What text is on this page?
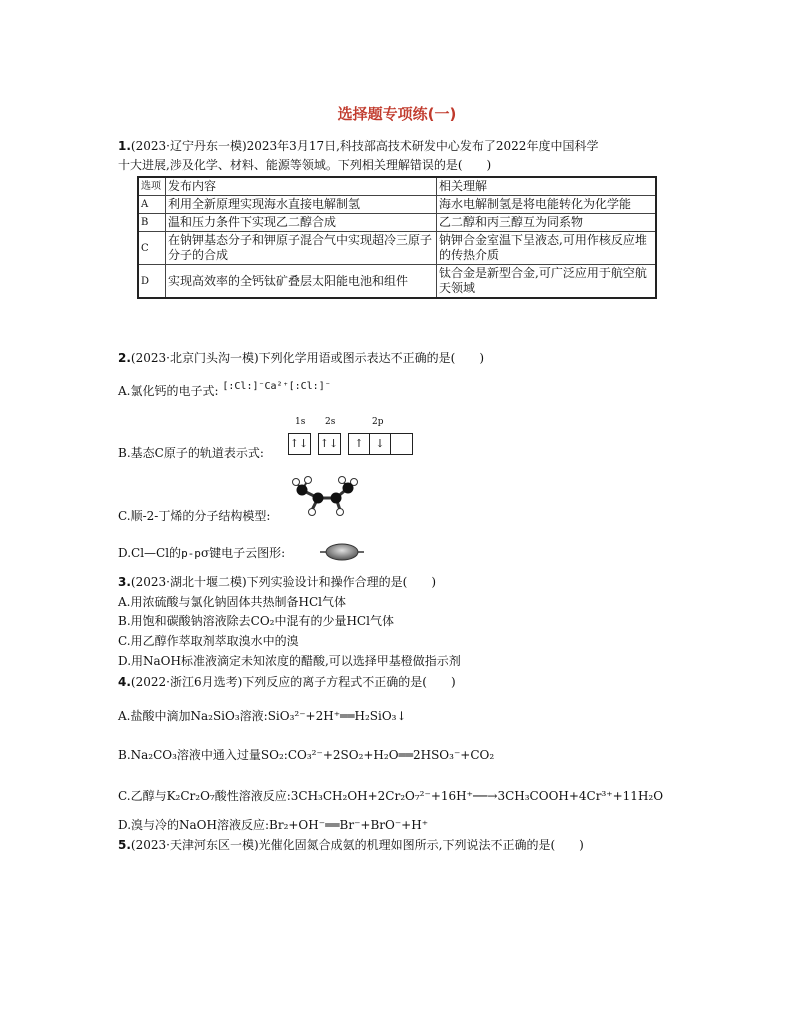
选择题专项练(一)
1.(2023·辽宁丹东一模)2023年3月17日,科技部高技术研发中心发布了2022年度中国科学
十大进展,涉及化学、材料、能源等领域。下列相关理解错误的是(　　)
选项	发布内容	相关理解
A	利用全新原理实现海水直接电解制氢	海水电解制氢是将电能转化为化学能
B	温和压力条件下实现乙二醇合成	乙二醇和丙三醇互为同系物
C	在钠钾基态分子和钾原子混合气中实现超冷三原子分子的合成	钠钾合金室温下呈液态,可用作核反应堆的传热介质
D	实现高效率的全钙钛矿叠层太阳能电池和组件	钛合金是新型合金,可广泛应用于航空航天领域
2.(2023·北京门头沟一模)下列化学用语或图示表达不正确的是(　　)
A.氯化钙的电子式: $^{[:Cl:]^-Ca^{2+}[:Cl:]^-}$
1s 2s	2p
B.基态C原子的轨道表示式:
↑↓ ↑↓	↑	↓
C.顺-2-丁烯的分子结构模型:
D.Cl—Cl的p-pσ键电子云图形:
3.(2023·湖北十堰二模)下列实验设计和操作合理的是(　　)
A.用浓硫酸与氯化钠固体共热制备HCl气体
B.用饱和碳酸钠溶液除去CO₂中混有的少量HCl气体
C.用乙醇作萃取剂萃取溴水中的溴
D.用NaOH标准液滴定未知浓度的醋酸,可以选择甲基橙做指示剂
4.(2022·浙江6月选考)下列反应的离子方程式不正确的是(　　)
A.盐酸中滴加Na₂SiO₃溶液:SiO₃²⁻+2H⁺══H₂SiO₃↓
B.Na₂CO₃溶液中通入过量SO₂:CO₃²⁻+2SO₂+H₂O══2HSO₃⁻+CO₂
C.乙醇与K₂Cr₂O₇酸性溶液反应:3CH₃CH₂OH+2Cr₂O₇²⁻+16H⁺──→3CH₃COOH+4Cr³⁺+11H₂O
D.溴与冷的NaOH溶液反应:Br₂+OH⁻══Br⁻+BrO⁻+H⁺
5.(2023·天津河东区一模)光催化固氮合成氨的机理如图所示,下列说法不正确的是(　　)
